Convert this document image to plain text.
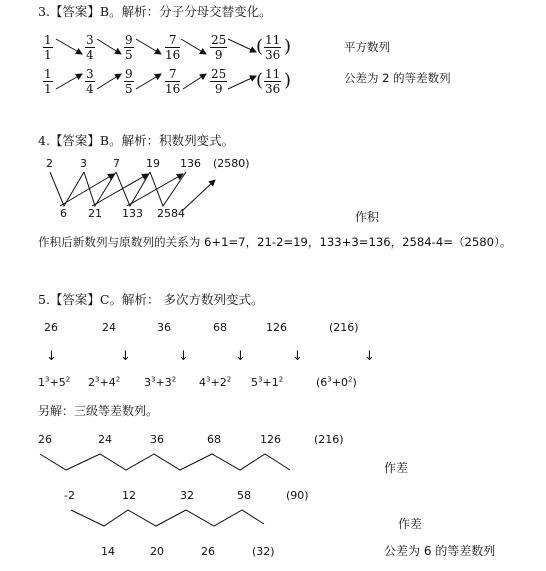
3.【答案】B。解析：分子分母交替变化。
$\frac{1}{1}$	$\frac{3}{4} \frac{9}{5}$	$\frac{7}{16} \frac{25}{9}$ ( $\frac{11}{36}$ )	平方数列
$\frac{1}{1}$	$\frac{3}{4} \frac{9}{5}$	$\frac{7}{16} \frac{25}{9}$ ( $\frac{11}{36}$ )	公差为 2 的等差数列
4.【答案】B。解析：积数列变式。
2 3 7 19 136 (2580)
6 21 133 2584	作积
作积后新数列与原数列的关系为 6+1=7，21-2=19，133+3=136，2584-4=（2580）。
5.【答案】C。解析： 多次方数列变式。
26	24	36	68	126	(216)
↓	↓	↓	↓	↓	↓
$1^3+5^2$ $2^3+4^2$ $3^3+3^2$ $4^3+2^2$ $5^3+1^2$	$(6^3+0^2)$
另解：三级等差数列。
26	24	36	68	126	(216)
作差
-2	12	32	58	(90)
作差
14	20	26	(32)	公差为 6 的等差数列
